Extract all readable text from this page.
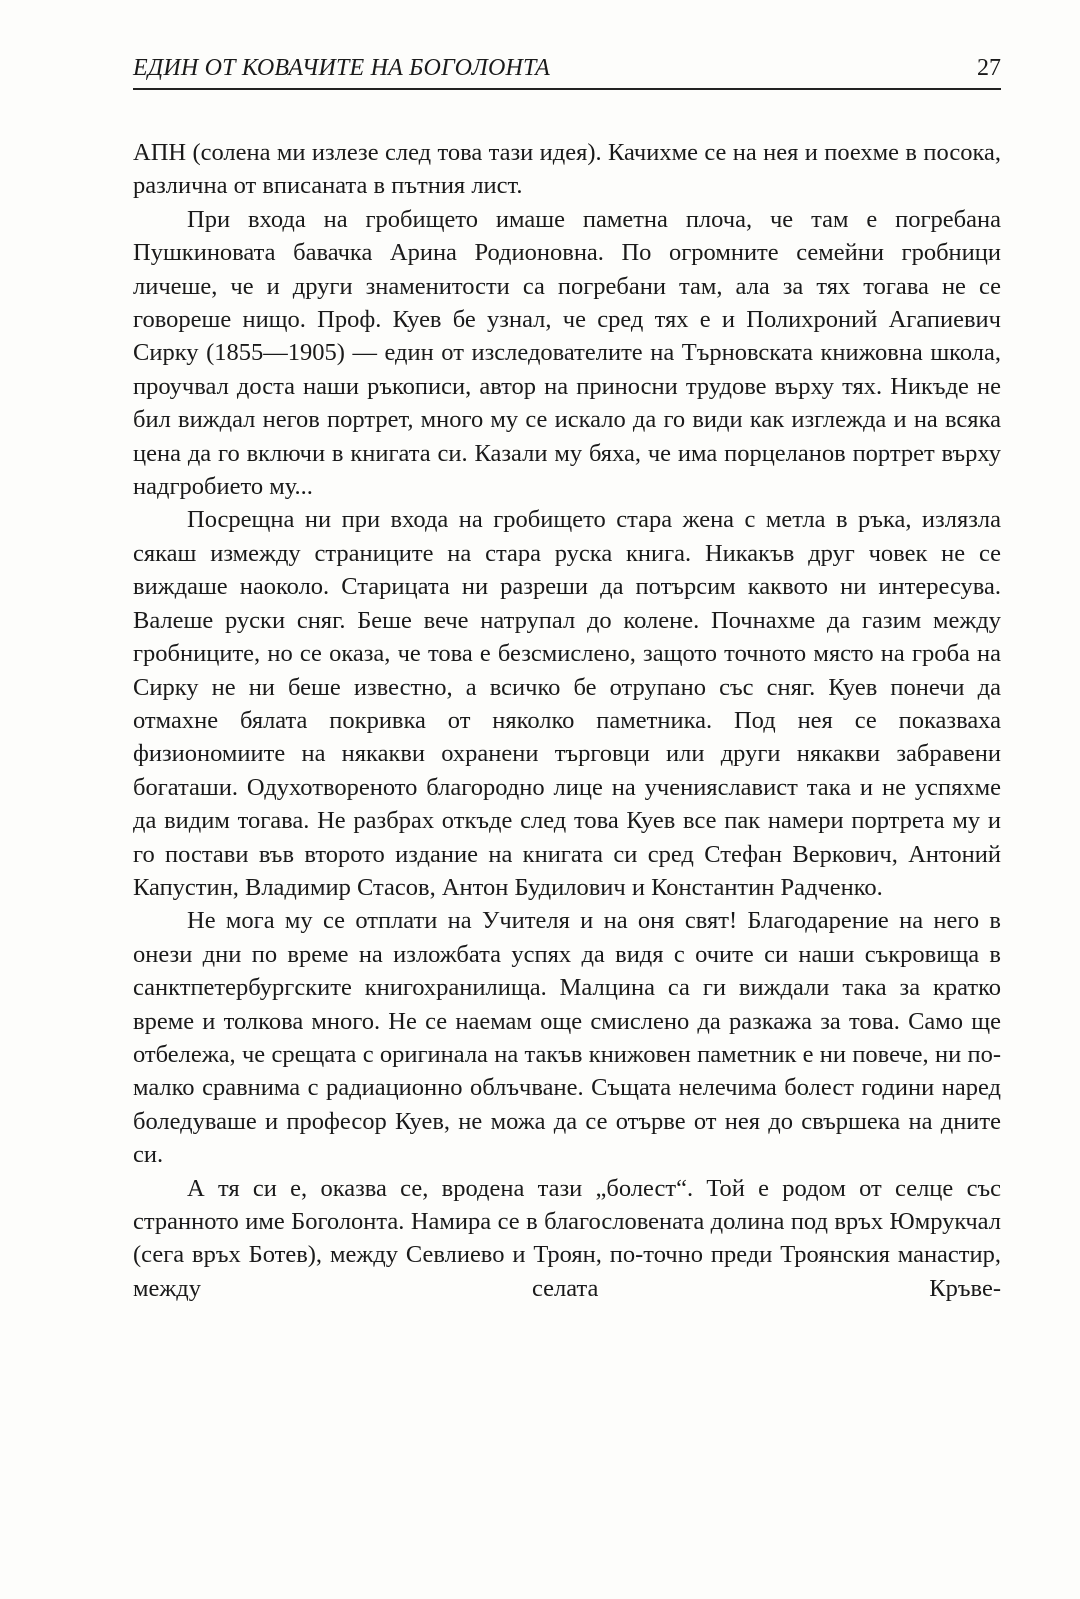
ЕДИН ОТ КОВАЧИТЕ НА БОГОЛОНТА	27

АПН (солена ми излезе след това тази идея). Качихме се на нея и поехме в посока, различна от вписаната в пътния лист.

При входа на гробището имаше паметна плоча, че там е погребана Пушкиновата бавачка Арина Родионовна. По огромните семейни гробници личеше, че и други знаменитости са погребани там, ала за тях тогава не се говореше нищо. Проф. Куев бе узнал, че сред тях е и Полихроний Агапиевич Сирку (1855—1905) — един от изследователите на Търновската книжовна школа, проучвал доста наши ръкописи, автор на приносни трудове върху тях. Никъде не бил виждал негов портрет, много му се искало да го види как изглежда и на всяка цена да го включи в книгата си. Казали му бяха, че има порцеланов портрет върху надгробието му...

Посрещна ни при входа на гробището стара жена с метла в ръка, излязла сякаш измежду страниците на стара руска книга. Никакъв друг човек не се виждаше наоколо. Старицата ни разреши да потърсим каквото ни интересува. Валеше руски сняг. Беше вече натрупал до колене. Почнахме да газим между гробниците, но се оказа, че това е безсмислено, защото точното място на гроба на Сирку не ни беше известно, а всичко бе отрупано със сняг. Куев понечи да отмахне бялата покривка от няколко паметника. Под нея се показваха физиономиите на някакви охранени търговци или други някакви забравени богаташи. Одухотвореното благородно лице на ученияславист така и не успяхме да видим тогава. Не разбрах откъде след това Куев все пак намери портрета му и го постави във второто издание на книгата си сред Стефан Веркович, Антоний Капустин, Владимир Стасов, Антон Будилович и Константин Радченко.

Не мога му се отплати на Учителя и на оня свят! Благодарение на него в онези дни по време на изложбата успях да видя с очите си наши съкровища в санктпетербургските книгохранилища. Малцина са ги виждали така за кратко време и толкова много. Не се наемам още смислено да разкажа за това. Само ще отбележа, че срещата с оригинала на такъв книжовен паметник е ни повече, ни по-малко сравнима с радиационно облъчване. Същата нелечима болест години наред боледуваше и професор Куев, не можа да се отърве от нея до свършека на дните си.

А тя си е, оказва се, вродена тази „болест“. Той е родом от селце със странното име Боголонта. Намира се в благословената долина под връх Юмрукчал (сега връх Ботев), между Севлиево и Троян, по-точно преди Троянския манастир, между селата Кръве-
